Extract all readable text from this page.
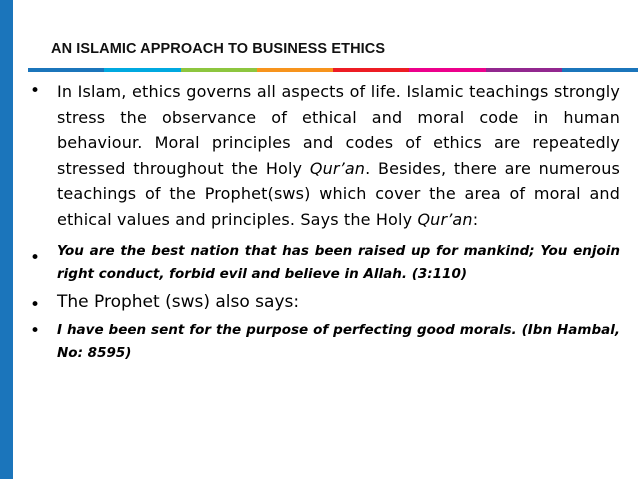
AN ISLAMIC APPROACH TO BUSINESS ETHICS
• In Islam, ethics governs all aspects of life. Islamic teachings strongly stress the observance of ethical and moral code in human behaviour. Moral principles and codes of ethics are repeatedly stressed throughout the Holy Qur’an. Besides, there are numerous teachings of the Prophet(sws) which cover the area of moral and ethical values and principles. Says the Holy Qur’an:
• You are the best nation that has been raised up for mankind; You enjoin right conduct, forbid evil and believe in Allah. (3:110)
• The Prophet (sws) also says:
• I have been sent for the purpose of perfecting good morals. (Ibn Hambal, No: 8595)
